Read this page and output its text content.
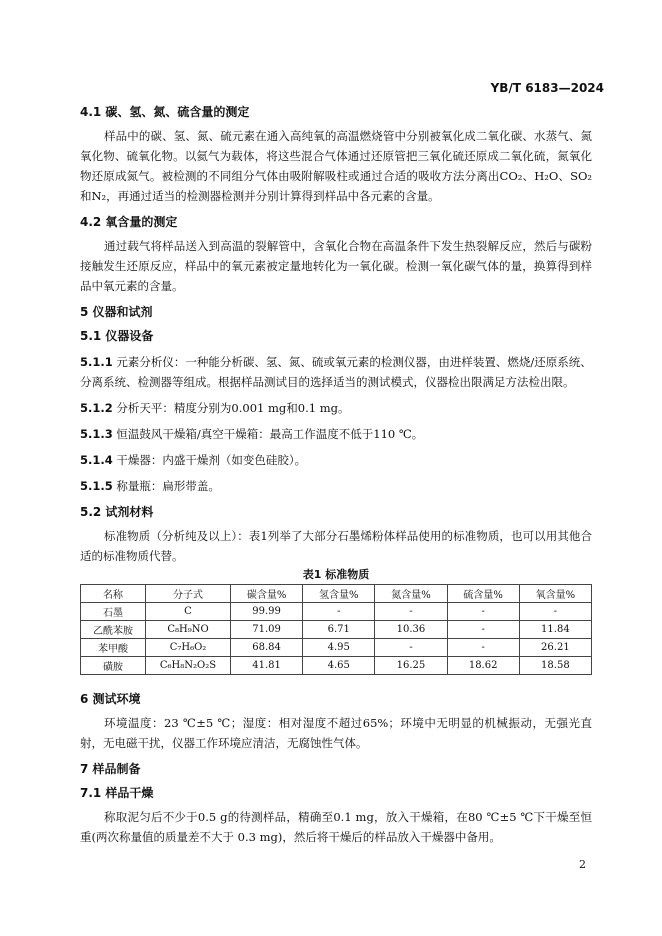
YB/T 6183—2024
4.1 碳、氢、氮、硫含量的测定

样品中的碳、氢、氮、硫元素在通入高纯氧的高温燃烧管中分别被氧化成二氧化碳、水蒸气、氮氧化物、硫氧化物。以氦气为载体，将这些混合气体通过还原管把三氧化硫还原成二氧化硫，氮氧化物还原成氮气。被检测的不同组分气体由吸附解吸柱或通过合适的吸收方法分离出CO₂、H₂O、SO₂和N₂，再通过适当的检测器检测并分别计算得到样品中各元素的含量。

4.2 氧含量的测定

通过载气将样品送入到高温的裂解管中，含氧化合物在高温条件下发生热裂解反应，然后与碳粉接触发生还原反应，样品中的氧元素被定量地转化为一氧化碳。检测一氧化碳气体的量，换算得到样品中氧元素的含量。

5 仪器和试剂
5.1 仪器设备

5.1.1 元素分析仪：一种能分析碳、氢、氮、硫或氧元素的检测仪器，由进样装置、燃烧/还原系统、分离系统、检测器等组成。根据样品测试目的选择适当的测试模式，仪器检出限满足方法检出限。

5.1.2 分析天平：精度分别为0.001 mg和0.1 mg。

5.1.3 恒温鼓风干燥箱/真空干燥箱：最高工作温度不低于110 ℃。

5.1.4 干燥器：内盛干燥剂（如变色硅胶）。

5.1.5 称量瓶：扁形带盖。

5.2 试剂材料

标准物质（分析纯及以上）：表1列举了大部分石墨烯粉体样品使用的标准物质，也可以用其他合适的标准物质代替。

表1 标准物质
名称	分子式	碳含量%	氢含量%	氮含量%	硫含量%	氧含量%
石墨	C	99.99	-	-	-	-
乙酰苯胺	C₈H₉NO	71.09	6.71	10.36	-	11.84
苯甲酸	C₇H₆O₂	68.84	4.95	-	-	26.21
磺胺	C₆H₈N₂O₂S	41.81	4.65	16.25	18.62	18.58
6 测试环境

环境温度：23 ℃±5 ℃；湿度：相对湿度不超过65%；环境中无明显的机械振动，无强光直射，无电磁干扰，仪器工作环境应清洁，无腐蚀性气体。

7 样品制备
7.1 样品干燥

称取泥匀后不少于0.5 g的待测样品，精确至0.1 mg，放入干燥箱，在80 ℃±5 ℃下干燥至恒重(两次称量值的质量差不大于 0.3 mg)，然后将干燥后的样品放入干燥器中备用。

2
